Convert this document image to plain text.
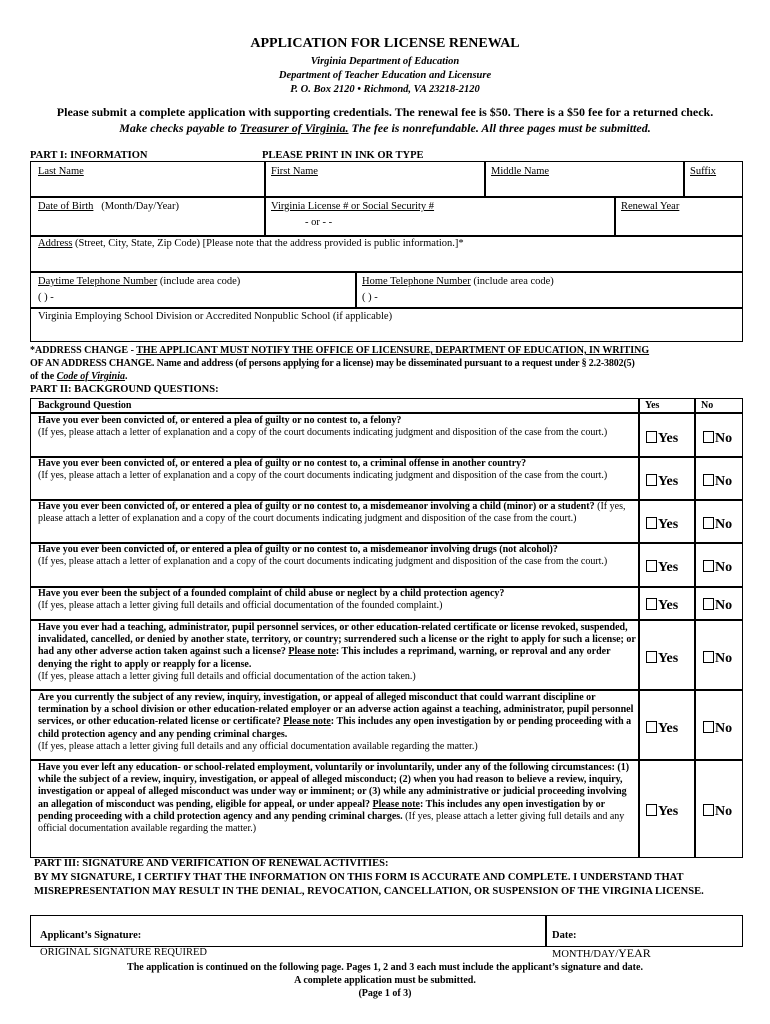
APPLICATION FOR LICENSE RENEWAL
Virginia Department of Education
Department of Teacher Education and Licensure
P. O. Box 2120 • Richmond, VA 23218-2120
Please submit a complete application with supporting credentials. The renewal fee is $50. There is a $50 fee for a returned check.
Make checks payable to Treasurer of Virginia. The fee is nonrefundable. All three pages must be submitted.
PART I: INFORMATION	PLEASE PRINT IN INK OR TYPE
Last Name	First Name	Middle Name	Suffix
Date of Birth (Month/Day/Year)	Virginia License # or Social Security #
- or - -
Renewal Year
Address (Street, City, State, Zip Code) [Please note that the address provided is public information.]*
Daytime Telephone Number (include area code)
( ) -
Home Telephone Number (include area code)
( ) -
Virginia Employing School Division or Accredited Nonpublic School (if applicable)
*ADDRESS CHANGE - THE APPLICANT MUST NOTIFY THE OFFICE OF LICENSURE, DEPARTMENT OF EDUCATION, IN WRITING
OF AN ADDRESS CHANGE. Name and address (of persons applying for a license) may be disseminated pursuant to a request under § 2.2-3802(5)
of the Code of Virginia.
PART II: BACKGROUND QUESTIONS:
Background Question	Yes	No
Have you ever been convicted of, or entered a plea of guilty or no contest to, a felony?
(If yes, please attach a letter of explanation and a copy of the court documents indicating judgment and disposition of the case from the court.)	Yes	No
Have you ever been convicted of, or entered a plea of guilty or no contest to, a criminal offense in another country?
(If yes, please attach a letter of explanation and a copy of the court documents indicating judgment and disposition of the case from the court.)	Yes	No
Have you ever been convicted of, or entered a plea of guilty or no contest to, a misdemeanor involving a child (minor) or a student? (If yes, please attach a letter of explanation and a copy of the court documents indicating judgment and disposition of the case from the court.)	Yes	No
Have you ever been convicted of, or entered a plea of guilty or no contest to, a misdemeanor involving drugs (not alcohol)?
(If yes, please attach a letter of explanation and a copy of the court documents indicating judgment and disposition of the case from the court.)	Yes	No
Have you ever been the subject of a founded complaint of child abuse or neglect by a child protection agency?
(If yes, please attach a letter giving full details and official documentation of the founded complaint.)	Yes	No
Have you ever had a teaching, administrator, pupil personnel services, or other education-related certificate or license revoked, suspended, invalidated, cancelled, or denied by another state, territory, or country; surrendered such a license or the right to apply for such a license; or had any other adverse action taken against such a license? Please note: This includes a reprimand, warning, or reproval and any order denying the right to apply or reapply for a license.
(If yes, please attach a letter giving full details and official documentation of the action taken.)
Yes	No
Are you currently the subject of any review, inquiry, investigation, or appeal of alleged misconduct that could warrant discipline or termination by a school division or other education-related employer or an adverse action against a teaching, administrator, pupil personnel services, or other education-related license or certificate? Please note: This includes any open investigation by or pending proceeding with a child protection agency and any pending criminal charges.
(If yes, please attach a letter giving full details and any official documentation available regarding the matter.)
Yes	No
Have you ever left any education- or school-related employment, voluntarily or involuntarily, under any of the following circumstances: (1) while the subject of a review, inquiry, investigation, or appeal of alleged misconduct; (2) when you had reason to believe a review, inquiry, investigation or appeal of alleged misconduct was under way or imminent; or (3) while any administrative or judicial proceeding involving an allegation of misconduct was pending, eligible for appeal, or under appeal? Please note: This includes any open investigation by or pending proceeding with a child protection agency and any pending criminal charges. (If yes, please attach a letter giving full details and any official documentation available regarding the matter.)
Yes	No
PART III: SIGNATURE AND VERIFICATION OF RENEWAL ACTIVITIES:
BY MY SIGNATURE, I CERTIFY THAT THE INFORMATION ON THIS FORM IS ACCURATE AND COMPLETE. I UNDERSTAND THAT MISREPRESENTATION MAY RESULT IN THE DENIAL, REVOCATION, CANCELLATION, OR SUSPENSION OF THE VIRGINIA LICENSE.
Applicant’s Signature:	Date:
ORIGINAL SIGNATURE REQUIRED	MONTH/DAY/YEAR
The application is continued on the following page. Pages 1, 2 and 3 each must include the applicant’s signature and date.
A complete application must be submitted.
(Page 1 of 3)
